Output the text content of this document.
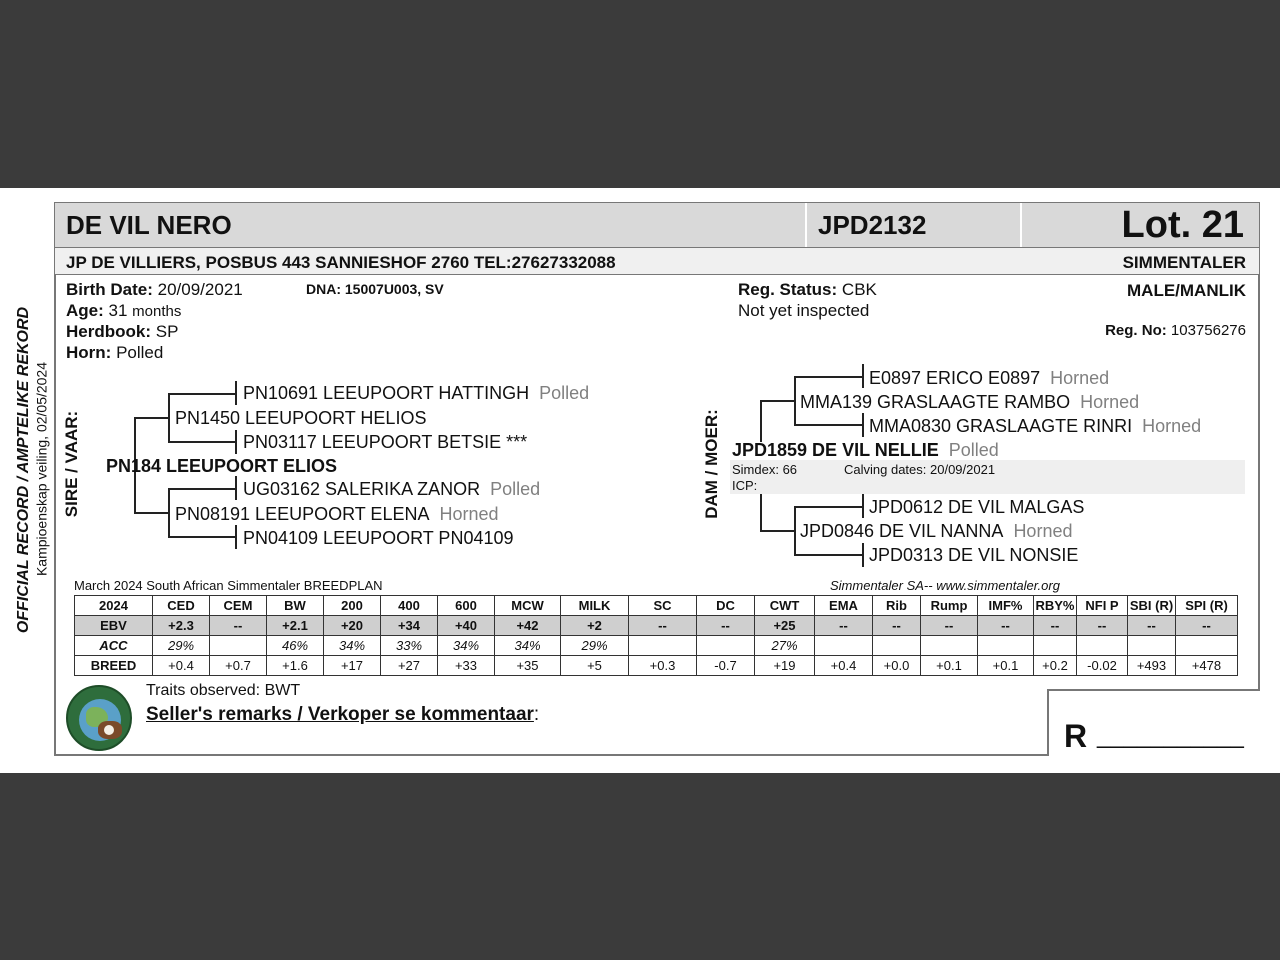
DE VIL NERO	JPD2132	Lot. 21
JP DE VILLIERS, POSBUS 443 SANNIESHOF 2760 TEL:27627332088	SIMMENTALER
OFFICIAL RECORD / AMPTELIKE REKORD Kampioenskap veiling, 02/05/2024
Birth Date: 20/09/2021	DNA: 15007U003, SV
Age: 31 months
Herdbook: SP
Horn: Polled
Reg. Status: CBK
Not yet inspected
MALE/MANLIK
Reg. No: 103756276
SIRE / VAAR:
PN10691 LEEUPOORT HATTINGH Polled
PN1450 LEEUPOORT HELIOS
PN03117 LEEUPOORT BETSIE ***
PN184 LEEUPOORT ELIOS
UG03162 SALERIKA ZANOR Polled
PN08191 LEEUPOORT ELENA Horned
PN04109 LEEUPOORT PN04109
DAM / MOER:
E0897 ERICO E0897 Horned
MMA139 GRASLAAGTE RAMBO Horned
MMA0830 GRASLAAGTE RINRI Horned
JPD1859 DE VIL NELLIE Polled
Simdex: 66	Calving dates: 20/09/2021
ICP:
JPD0612 DE VIL MALGAS
JPD0846 DE VIL NANNA Horned
JPD0313 DE VIL NONSIE
March 2024 South African Simmentaler BREEDPLAN	Simmentaler SA-- www.simmentaler.org
2024	CED	CEM	BW	200	400	600	MCW	MILK	SC	DC	CWT	EMA	Rib	Rump	IMF%	RBY%	NFI P	SBI (R)	SPI (R)
EBV	+2.3	--	+2.1	+20	+34	+40	+42	+2	--	--	+25	--	--	--	--	--	--	--	--
ACC	29%		46%	34%	33%	34%	34%	29%			27%								
BREED	+0.4	+0.7	+1.6	+17	+27	+33	+35	+5	+0.3	-0.7	+19	+0.4	+0.0	+0.1	+0.1	+0.2	-0.02	+493	+478
Traits observed: BWT
Seller's remarks / Verkoper se kommentaar:
R ___________
